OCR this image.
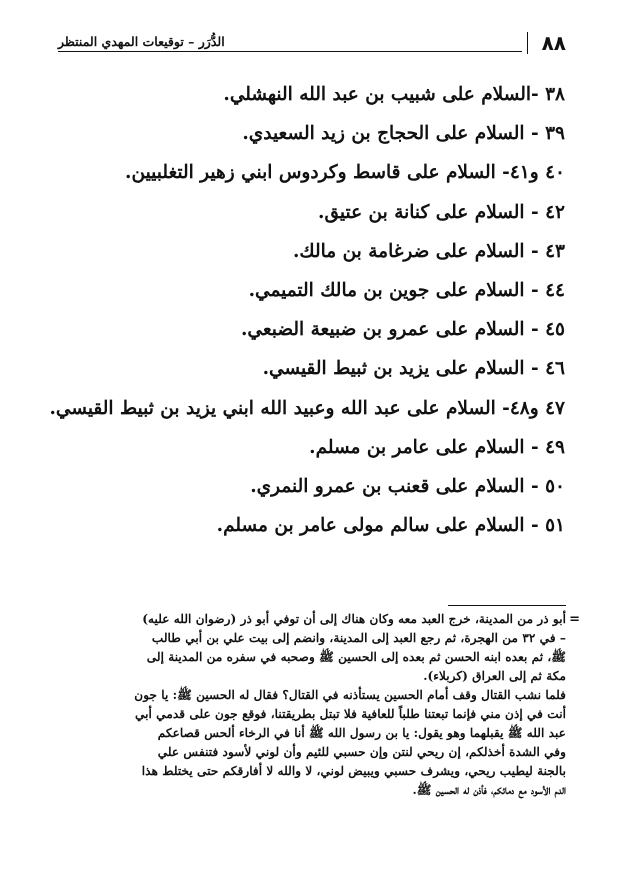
٨٨
الدُّرَر – توقيعات المهدي المنتظر
٣٨ -السلام على شبيب بن عبد الله النهشلي.
٣٩ - السلام على الحجاج بن زيد السعيدي.
٤٠ و٤١- السلام على قاسط وكردوس ابني زهير التغلبيين.
٤٢ - السلام على كنانة بن عتيق.
٤٣ - السلام على ضرغامة بن مالك.
٤٤ - السلام على جوين بن مالك التميمي.
٤٥ - السلام على عمرو بن ضبيعة الضبعي.
٤٦ - السلام على يزيد بن ثبيط القيسي.
٤٧ و٤٨- السلام على عبد الله وعبيد الله ابني يزيد بن ثبيط القيسي.
٤٩ - السلام على عامر بن مسلم.
٥٠ - السلام على قعنب بن عمرو النمري.
٥١ - السلام على سالم مولى عامر بن مسلم.
=
أبو ذر من المدينة، خرج العبد معه وكان هناك إلى أن توفي أبو ذر (رضوان الله عليه)
– في ٣٢ من الهجرة، ثم رجع العبد إلى المدينة، وانضم إلى بيت علي بن أبي طالب
ﷺ، ثم بعده ابنه الحسن ثم بعده إلى الحسين ﷺ وصحبه في سفره من المدينة إلى
مكة ثم إلى العراق (كربلاء).
فلما نشب القتال وقف أمام الحسين يستأذنه في القتال؟ فقال له الحسين ﷺ: يا جون
أنت في إذن مني فإنما تبعتنا طلباً للعافية فلا تبتل بطريقتنا، فوقع جون على قدمي أبي
عبد الله ﷺ يقبلهما وهو يقول: يا بن رسول الله ﷺ أنا في الرخاء ألحس قصاعكم
وفي الشدة أخذلكم، إن ريحي لنتن وإن حسبي للئيم وأن لوني لأسود فتنفس علي
بالجنة ليطيب ريحي، ويشرف حسبي ويبيض لوني، لا والله لا أفارقكم حتى يختلط هذا
الدم الأسود مع دمائكم، فأذن له الحسين ﷺ.
